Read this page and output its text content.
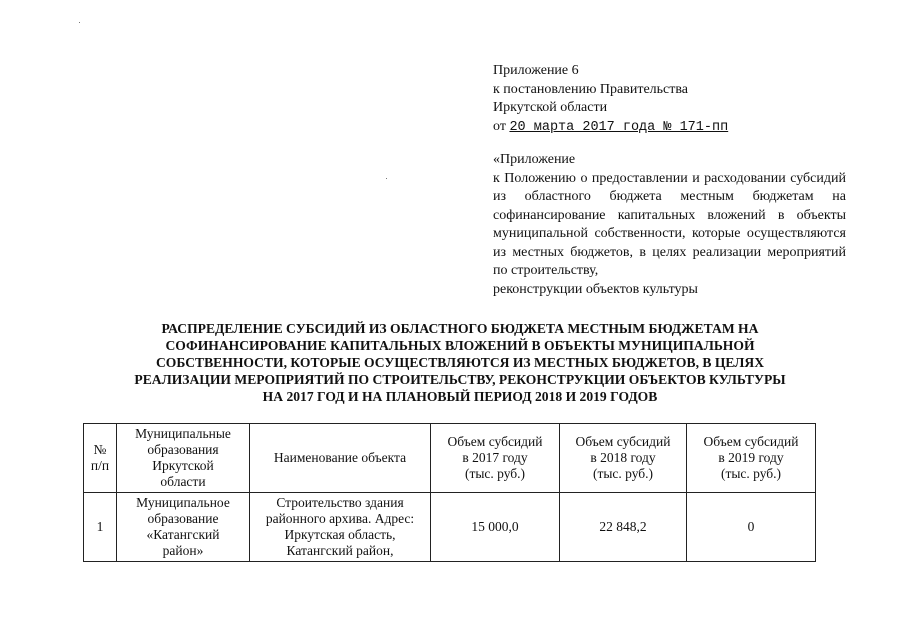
Приложение 6
к постановлению Правительства
Иркутской области
от 20 марта 2017 года № 171-пп
«Приложение
к Положению о предоставлении и расходовании субсидий из областного бюджета местным бюджетам на софинансирование капитальных вложений в объекты муниципальной собственности, которые осуществляются из местных бюджетов, в целях реализации мероприятий по строительству,
реконструкции объектов культуры
РАСПРЕДЕЛЕНИЕ СУБСИДИЙ ИЗ ОБЛАСТНОГО БЮДЖЕТА МЕСТНЫМ БЮДЖЕТАМ НА
СОФИНАНСИРОВАНИЕ КАПИТАЛЬНЫХ ВЛОЖЕНИЙ В ОБЪЕКТЫ МУНИЦИПАЛЬНОЙ
СОБСТВЕННОСТИ, КОТОРЫЕ ОСУЩЕСТВЛЯЮТСЯ ИЗ МЕСТНЫХ БЮДЖЕТОВ, В ЦЕЛЯХ
РЕАЛИЗАЦИИ МЕРОПРИЯТИЙ ПО СТРОИТЕЛЬСТВУ, РЕКОНСТРУКЦИИ ОБЪЕКТОВ КУЛЬТУРЫ
НА 2017 ГОД И НА ПЛАНОВЫЙ ПЕРИОД 2018 И 2019 ГОДОВ
№
п/п	Муниципальные
образования
Иркутской
области	Наименование объекта	Объем субсидий
в 2017 году
(тыс. руб.)	Объем субсидий
в 2018 году
(тыс. руб.)	Объем субсидий
в 2019 году
(тыс. руб.)

1	Муниципальное
образование
«Катангский
район»	Строительство здания
районного архива. Адрес:
Иркутская область,
Катангский район,	15 000,0	22 848,2	0
